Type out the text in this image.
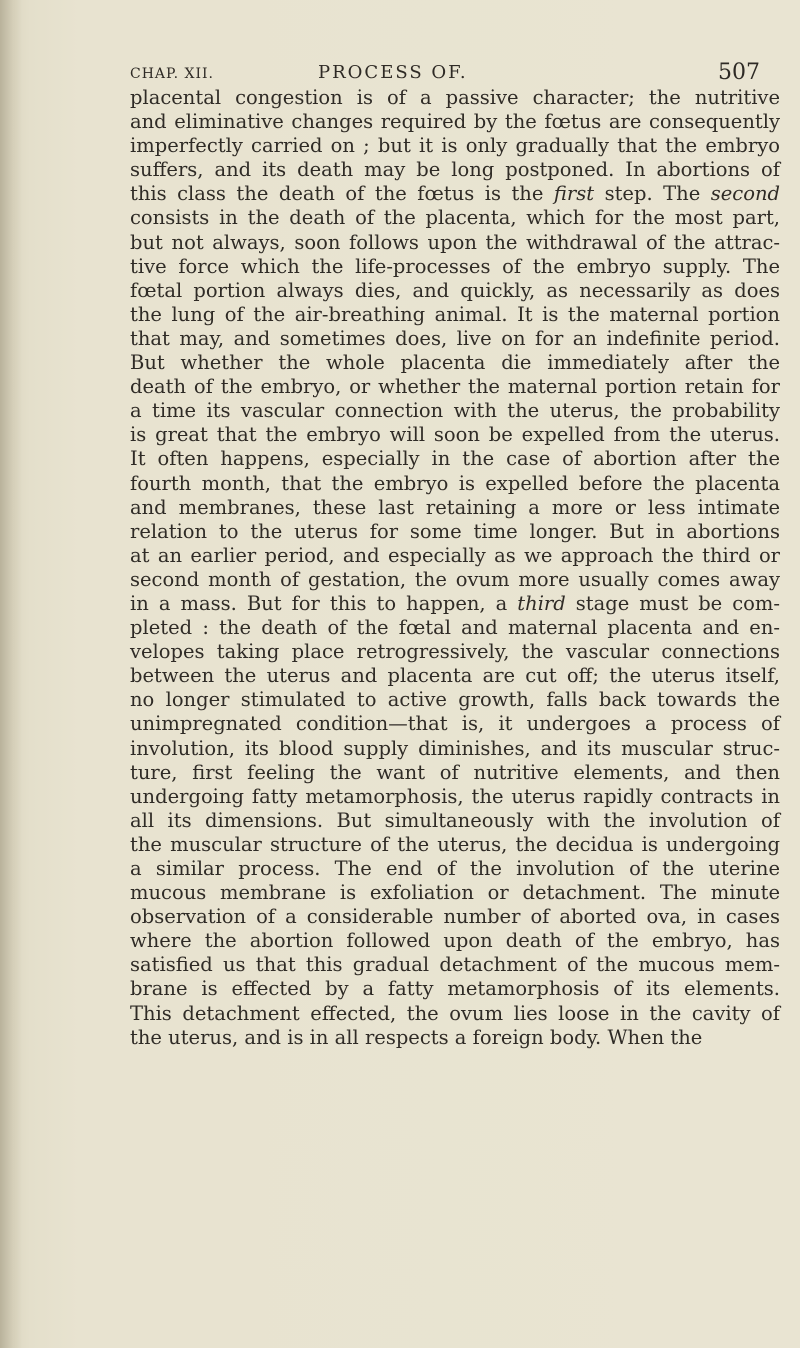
CHAP. XII.	PROCESS OF.	507
placental congestion is of a passive character; the nutritive
and eliminative changes required by the fœtus are consequently
imperfectly carried on ; but it is only gradually that the embryo
suffers, and its death may be long postponed. In abortions of
this class the death of the fœtus is the first step. The second
consists in the death of the placenta, which for the most part,
but not always, soon follows upon the withdrawal of the attrac-
tive force which the life-processes of the embryo supply. The
fœtal portion always dies, and quickly, as necessarily as does
the lung of the air-breathing animal. It is the maternal portion
that may, and sometimes does, live on for an indefinite period.
But whether the whole placenta die immediately after the
death of the embryo, or whether the maternal portion retain for
a time its vascular connection with the uterus, the probability
is great that the embryo will soon be expelled from the uterus.
It often happens, especially in the case of abortion after the
fourth month, that the embryo is expelled before the placenta
and membranes, these last retaining a more or less intimate
relation to the uterus for some time longer. But in abortions
at an earlier period, and especially as we approach the third or
second month of gestation, the ovum more usually comes away
in a mass. But for this to happen, a third stage must be com-
pleted : the death of the fœtal and maternal placenta and en-
velopes taking place retrogressively, the vascular connections
between the uterus and placenta are cut off; the uterus itself,
no longer stimulated to active growth, falls back towards the
unimpregnated condition—that is, it undergoes a process of
involution, its blood supply diminishes, and its muscular struc-
ture, first feeling the want of nutritive elements, and then
undergoing fatty metamorphosis, the uterus rapidly contracts in
all its dimensions. But simultaneously with the involution of
the muscular structure of the uterus, the decidua is undergoing
a similar process. The end of the involution of the uterine
mucous membrane is exfoliation or detachment. The minute
observation of a considerable number of aborted ova, in cases
where the abortion followed upon death of the embryo, has
satisfied us that this gradual detachment of the mucous mem-
brane is effected by a fatty metamorphosis of its elements.
This detachment effected, the ovum lies loose in the cavity of
the uterus, and is in all respects a foreign body. When the
